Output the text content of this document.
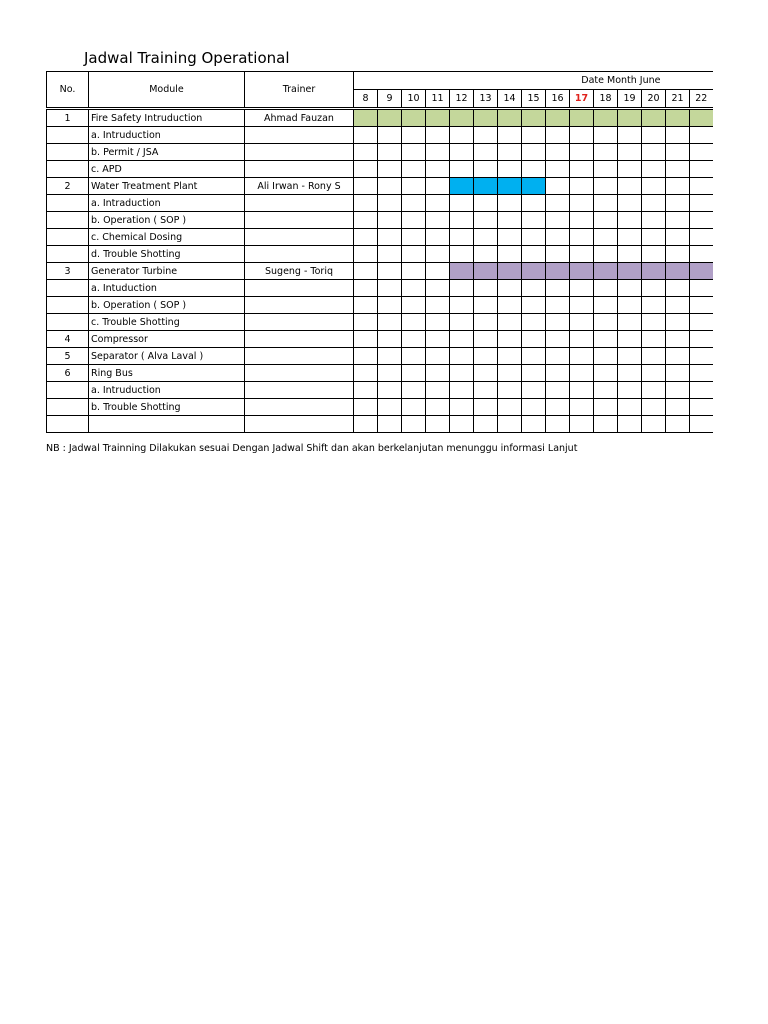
Jadwal Training Operational
No.	Module	Trainer	Date Month June														
			8	9	10	11	12	13	14	15	16	17	18	19	20	21	22
1	Fire Safety Intruduction	Ahmad Fauzan															
	a. Intruduction																
	b. Permit / JSA																
	c. APD																
2	Water Treatment Plant	Ali Irwan - Rony S															
	a. Intraduction																
	b. Operation ( SOP )																
	c. Chemical Dosing																
	d. Trouble Shotting																
3	Generator Turbine	Sugeng - Toriq															
	a. Intuduction																
	b. Operation ( SOP )																
	c. Trouble Shotting																
4	Compressor																
5	Separator ( Alva Laval )																
6	Ring Bus																
	a. Intruduction																
	b. Trouble Shotting																

NB : Jadwal Trainning Dilakukan sesuai Dengan Jadwal Shift dan akan berkelanjutan menunggu informasi Lanjut
